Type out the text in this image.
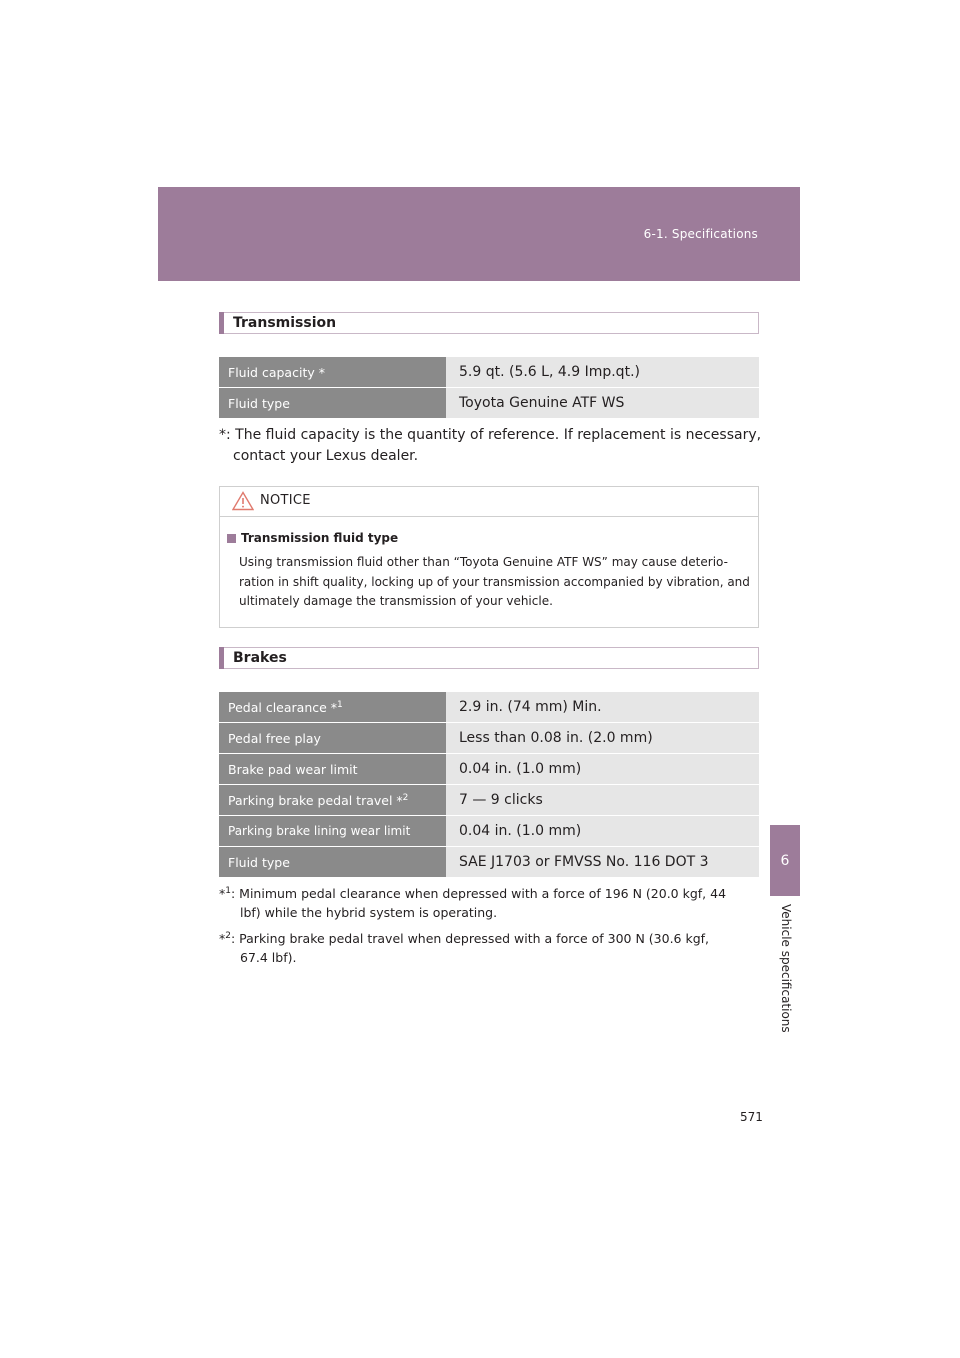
6-1. Specifications
6
Vehicle specifications
Transmission
Fluid capacity *	5.9 qt. (5.6 L, 4.9 Imp.qt.)
Fluid type	Toyota Genuine ATF WS
*: The fluid capacity is the quantity of reference. If replacement is necessary,
contact your Lexus dealer.
NOTICE
Transmission fluid type
Using transmission fluid other than “Toyota Genuine ATF WS” may cause deterio-
ration in shift quality, locking up of your transmission accompanied by vibration, and
ultimately damage the transmission of your vehicle.
Brakes
Pedal clearance *$^1$	2.9 in. (74 mm) Min.
Pedal free play	Less than 0.08 in. (2.0 mm)
Brake pad wear limit	0.04 in. (1.0 mm)
Parking brake pedal travel *$^2$	7 — 9 clicks
Parking brake lining wear limit	0.04 in. (1.0 mm)
Fluid type	SAE J1703 or FMVSS No. 116 DOT 3
*$^1$: Minimum pedal clearance when depressed with a force of 196 N (20.0 kgf, 44
lbf) while the hybrid system is operating.
*$^2$: Parking brake pedal travel when depressed with a force of 300 N (30.6 kgf,
67.4 lbf).
571
